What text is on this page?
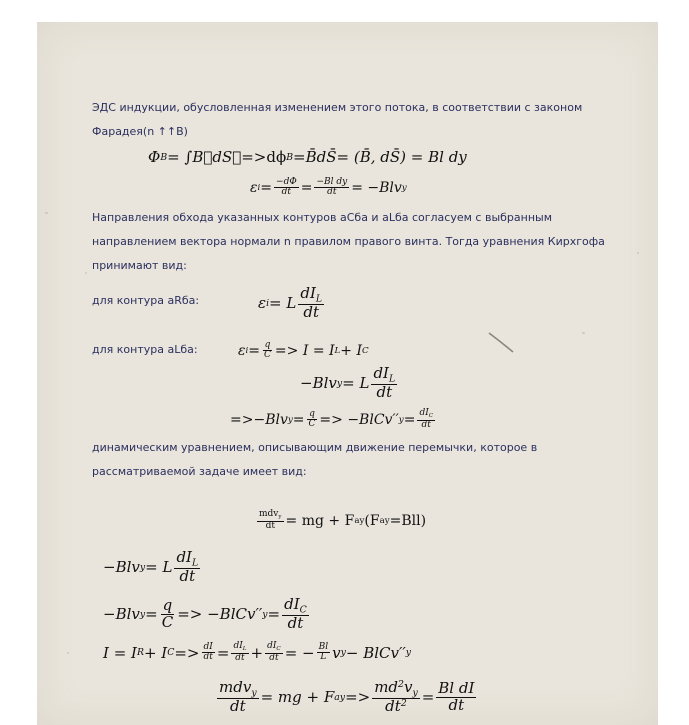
ЭДС индукции, обусловленная изменением этого потока, в соответствии с законом
Фарадея(n ↑↑B)
Φ B = ∫ B⃗ dS⃗ =>dϕ B = B̄dS̄ = (B̄, dS̄) = Bl dy
ε $i = \frac{-d\Phi}{dt} = \frac{\text{−Bl dy}}{dt} = -Blv$ y
Направления обхода указанных контуров aCбa и aLбa согласуем с выбранным
направлением вектора нормали n правилом правого винта. Тогда уравнения Кирхгофа
принимают вид:
для контура aRбa:	ε i = L $\frac{dI_L}{dt}$
для контура aLбa:	ε $i = \frac{q}{C} => I = I$ L + I C
−Blv y = L $\frac{dI_L}{dt}$
=>−Blv $y = \frac{q}{C}$ => −BlCv′′ $y = \frac{dI_C}{dt}$
динамическим уравнением, описывающим движение перемычки, которое в
рассматриваемой задаче имеет вид:
$\frac{mdv_y}{dt}$ = mg + F ay (F ay =Bll)
−Blv y = L $\frac{dI_L}{dt}$
−Blv $y = \frac{q}{C}$ => −BlCv′′ $y = \frac{dI_C}{dt}$
I = I R + I $C => \frac{dI}{dt} = \frac{dI_L}{dt} + \frac{dI_C}{dt}$ = − $\frac{Bl}{L}$ v y − BlCv′′ y
$\frac{mdv_y}{dt}$ = mg + F ay => $\frac{md^2v_y}{dt^2} = \frac{\text{Bl dI}}{dt}$
